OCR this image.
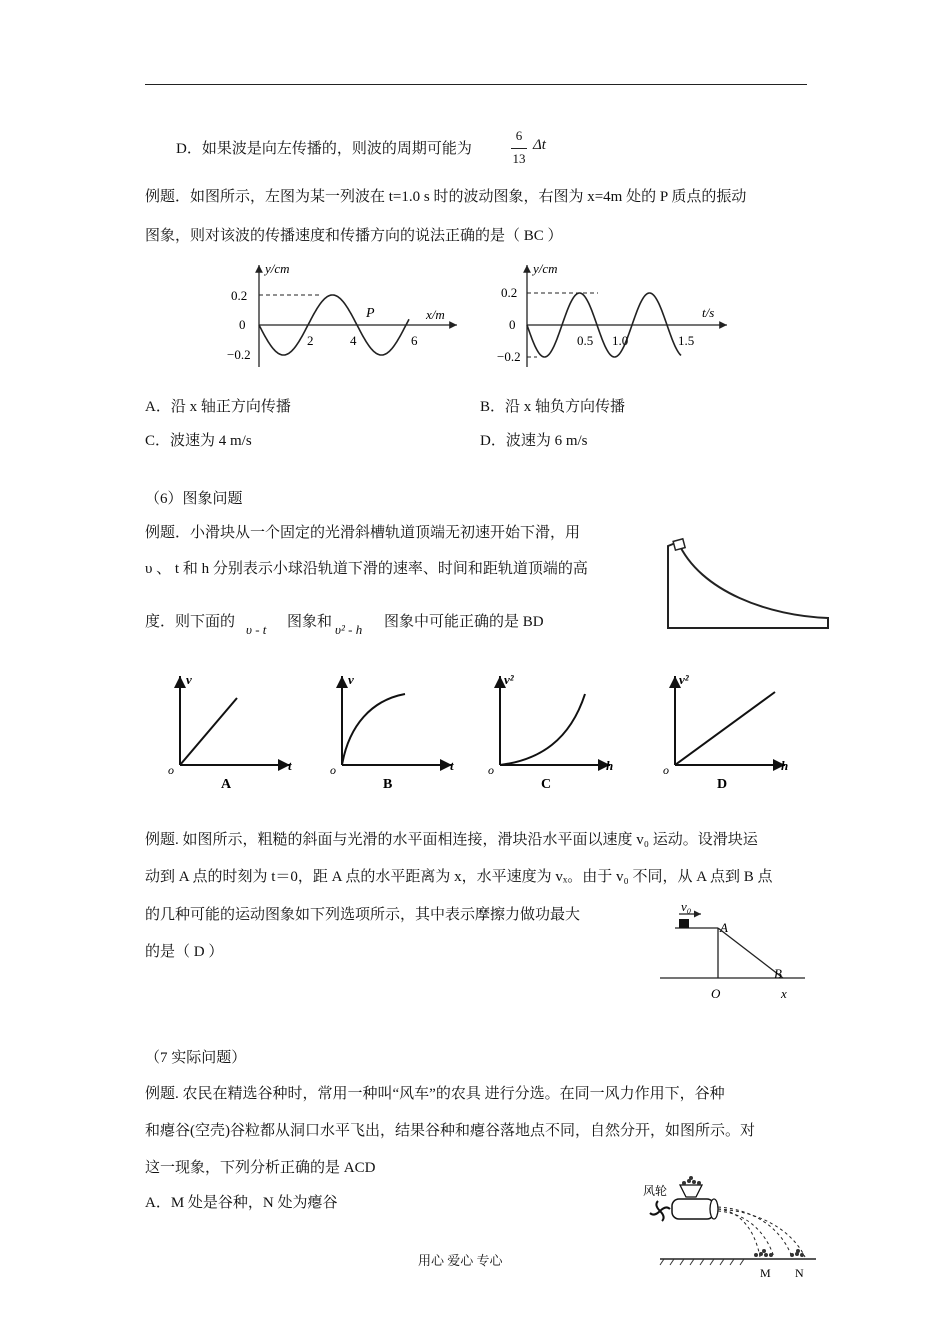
D．如果波是向左传播的，则波的周期可能为
6
13
Δt
例题．如图所示，左图为某一列波在 t=1.0 s 时的波动图象，右图为 x=4m 处的 P 质点的振动
图象，则对该波的传播速度和传播方向的说法正确的是（ BC ）
y/cm
x/m
0.2
0
−0.2
2	4	6
P
y/cm
t/s
0.2
0
−0.2
0.5 1.0	1.5
A．沿 x 轴正方向传播	B．沿 x 轴负方向传播
C．波速为 4 m/s	D．波速为 6 m/s
（6）图象问题
例题．小滑块从一个固定的光滑斜槽轨道顶端无初速开始下滑，用
υ 、 t 和 h 分别表示小球沿轨道下滑的速率、时间和距轨道顶端的高
度．则下面的 υ - t 图象和 υ² - h 图象中可能正确的是 BD
v
t
o
A
v
t
o
B
v²
h
o
C
v²
h
o
D
例题. 如图所示，粗糙的斜面与光滑的水平面相连接，滑块沿水平面以速度 v₀ 运动。设滑块运
动到 A 点的时刻为 t＝0，距 A 点的水平距离为 x，水平速度为 vₓ。由于 v₀ 不同，从 A 点到 B 点
的几种可能的运动图象如下列选项所示，其中表示摩擦力做功最大
的是（ D ）
v₀
A
B
O	x
（7 实际问题）
例题. 农民在精选谷种时，常用一种叫“风车”的农具 进行分选。在同一风力作用下，谷种
和瘪谷(空壳)谷粒都从洞口水平飞出，结果谷种和瘪谷落地点不同，自然分开，如图所示。对
这一现象，下列分析正确的是 ACD
A．M 处是谷种，N 处为瘪谷
风轮
M N
用心 爱心 专心
